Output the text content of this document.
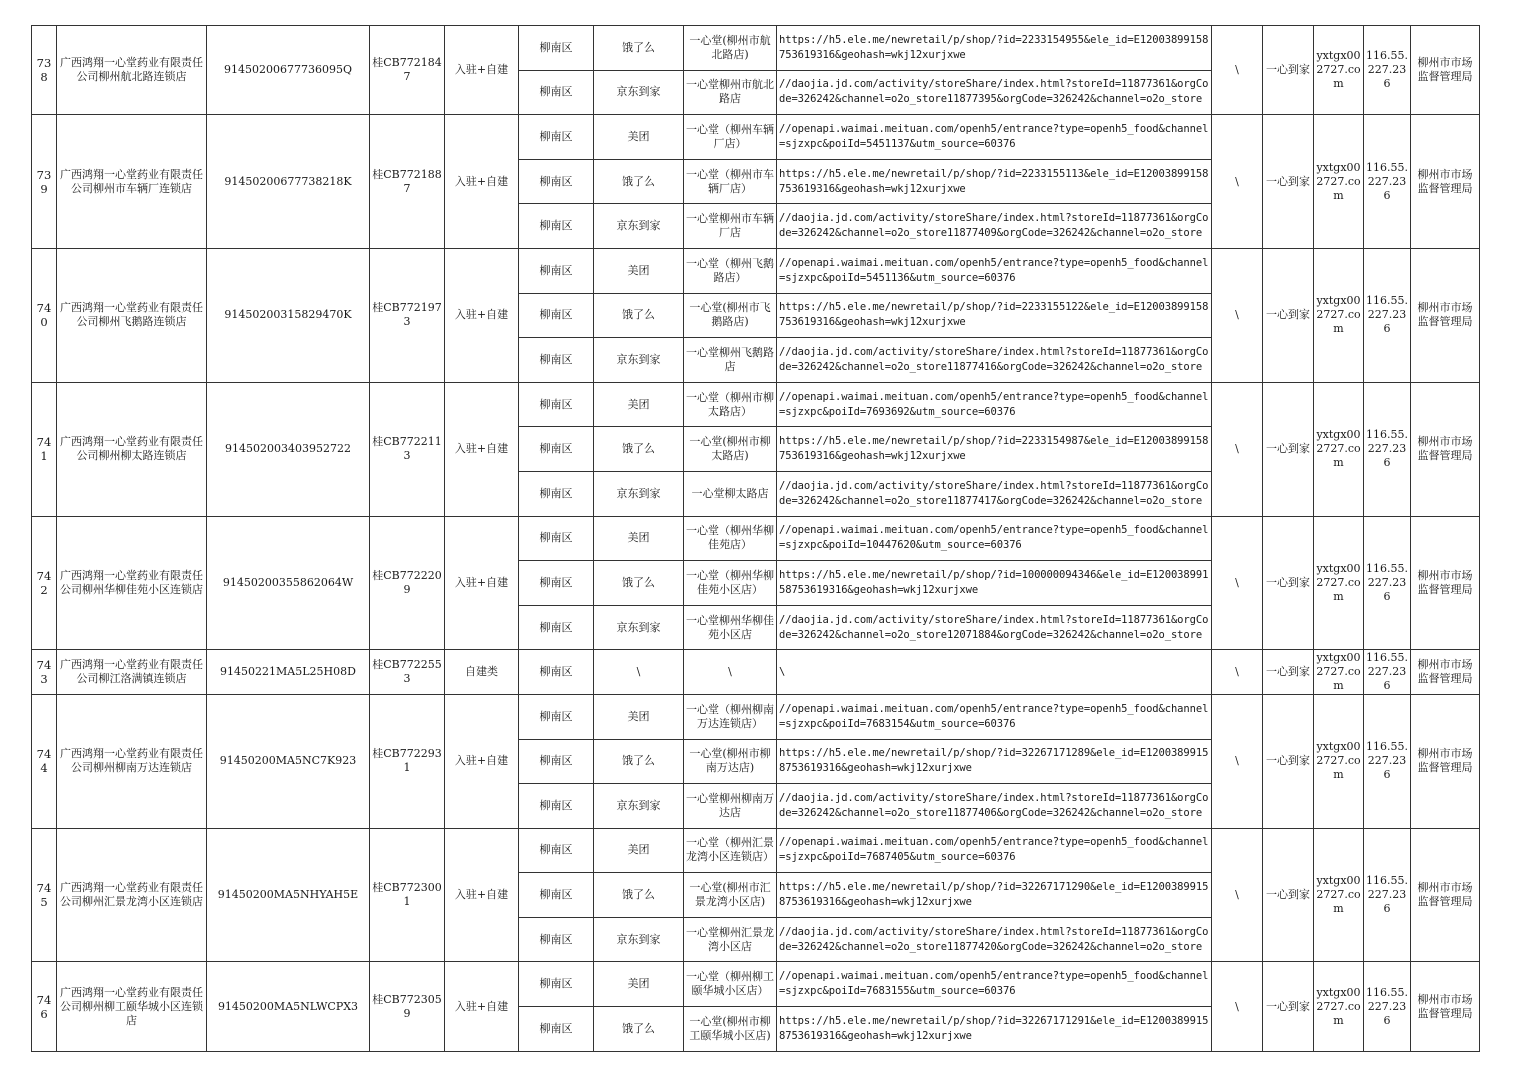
738	广西鸿翔一心堂药业有限责任公司柳州航北路连锁店	91450200677736095Q	桂CB7721847	入驻+自建	柳南区	饿了么	一心堂(柳州市航北路店)	https://h5.ele.me/newretail/p/shop/?id=2233154955&ele_id=E12003899158753619316&geohash=wkj12xurjxwe	\	一心到家	yxtgx002727.com	116.55.227.236	柳州市市场监督管理局
					柳南区	京东到家	一心堂柳州市航北路店	//daojia.jd.com/activity/storeShare/index.html?storeId=11877361&orgCode=326242&channel=o2o_store11877395&orgCode=326242&channel=o2o_store					
739	广西鸿翔一心堂药业有限责任公司柳州市车辆厂连锁店	91450200677738218K	桂CB7721887	入驻+自建	柳南区	美团	一心堂（柳州车辆厂店）	//openapi.waimai.meituan.com/openh5/entrance?type=openh5_food&channel=sjzxpc&poiId=5451137&utm_source=60376	\	一心到家	yxtgx002727.com	116.55.227.236	柳州市市场监督管理局
					柳南区	饿了么	一心堂（柳州市车辆厂店）	https://h5.ele.me/newretail/p/shop/?id=2233155113&ele_id=E12003899158753619316&geohash=wkj12xurjxwe					
					柳南区	京东到家	一心堂柳州市车辆厂店	//daojia.jd.com/activity/storeShare/index.html?storeId=11877361&orgCode=326242&channel=o2o_store11877409&orgCode=326242&channel=o2o_store					
740	广西鸿翔一心堂药业有限责任公司柳州飞鹅路连锁店	91450200315829470K	桂CB7721973	入驻+自建	柳南区	美团	一心堂（柳州飞鹅路店）	//openapi.waimai.meituan.com/openh5/entrance?type=openh5_food&channel=sjzxpc&poiId=5451136&utm_source=60376	\	一心到家	yxtgx002727.com	116.55.227.236	柳州市市场监督管理局
					柳南区	饿了么	一心堂(柳州市飞鹅路店)	https://h5.ele.me/newretail/p/shop/?id=2233155122&ele_id=E12003899158753619316&geohash=wkj12xurjxwe					
					柳南区	京东到家	一心堂柳州飞鹅路店	//daojia.jd.com/activity/storeShare/index.html?storeId=11877361&orgCode=326242&channel=o2o_store11877416&orgCode=326242&channel=o2o_store					
741	广西鸿翔一心堂药业有限责任公司柳州柳太路连锁店	914502003403952722	桂CB7722113	入驻+自建	柳南区	美团	一心堂（柳州市柳太路店）	//openapi.waimai.meituan.com/openh5/entrance?type=openh5_food&channel=sjzxpc&poiId=7693692&utm_source=60376	\	一心到家	yxtgx002727.com	116.55.227.236	柳州市市场监督管理局
					柳南区	饿了么	一心堂(柳州市柳太路店)	https://h5.ele.me/newretail/p/shop/?id=2233154987&ele_id=E12003899158753619316&geohash=wkj12xurjxwe					
					柳南区	京东到家	一心堂柳太路店	//daojia.jd.com/activity/storeShare/index.html?storeId=11877361&orgCode=326242&channel=o2o_store11877417&orgCode=326242&channel=o2o_store					
742	广西鸿翔一心堂药业有限责任公司柳州华柳佳苑小区连锁店	91450200355862064W	桂CB7722209	入驻+自建	柳南区	美团	一心堂（柳州华柳佳苑店）	//openapi.waimai.meituan.com/openh5/entrance?type=openh5_food&channel=sjzxpc&poiId=10447620&utm_source=60376	\	一心到家	yxtgx002727.com	116.55.227.236	柳州市市场监督管理局
					柳南区	饿了么	一心堂（柳州华柳佳苑小区店）	https://h5.ele.me/newretail/p/shop/?id=100000094346&ele_id=E12003899158753619316&geohash=wkj12xurjxwe					
					柳南区	京东到家	一心堂柳州华柳佳苑小区店	//daojia.jd.com/activity/storeShare/index.html?storeId=11877361&orgCode=326242&channel=o2o_store12071884&orgCode=326242&channel=o2o_store					
743	广西鸿翔一心堂药业有限责任公司柳江洛满镇连锁店	91450221MA5L25H08D	桂CB7722553	自建类	柳南区	\	\	\	\	一心到家	yxtgx002727.com	116.55.227.236	柳州市市场监督管理局
744	广西鸿翔一心堂药业有限责任公司柳州柳南万达连锁店	91450200MA5NC7K923	桂CB7722931	入驻+自建	柳南区	美团	一心堂（柳州柳南万达连锁店）	//openapi.waimai.meituan.com/openh5/entrance?type=openh5_food&channel=sjzxpc&poiId=7683154&utm_source=60376	\	一心到家	yxtgx002727.com	116.55.227.236	柳州市市场监督管理局
					柳南区	饿了么	一心堂(柳州市柳南万达店)	https://h5.ele.me/newretail/p/shop/?id=32267171289&ele_id=E12003899158753619316&geohash=wkj12xurjxwe					
					柳南区	京东到家	一心堂柳州柳南万达店	//daojia.jd.com/activity/storeShare/index.html?storeId=11877361&orgCode=326242&channel=o2o_store11877406&orgCode=326242&channel=o2o_store					
745	广西鸿翔一心堂药业有限责任公司柳州汇景龙湾小区连锁店	91450200MA5NHYAH5E	桂CB7723001	入驻+自建	柳南区	美团	一心堂（柳州汇景龙湾小区连锁店）	//openapi.waimai.meituan.com/openh5/entrance?type=openh5_food&channel=sjzxpc&poiId=7687405&utm_source=60376	\	一心到家	yxtgx002727.com	116.55.227.236	柳州市市场监督管理局
					柳南区	饿了么	一心堂(柳州市汇景龙湾小区店)	https://h5.ele.me/newretail/p/shop/?id=32267171290&ele_id=E12003899158753619316&geohash=wkj12xurjxwe					
					柳南区	京东到家	一心堂柳州汇景龙湾小区店	//daojia.jd.com/activity/storeShare/index.html?storeId=11877361&orgCode=326242&channel=o2o_store11877420&orgCode=326242&channel=o2o_store					
746	广西鸿翔一心堂药业有限责任公司柳州柳工颐华城小区连锁店	91450200MA5NLWCPX3	桂CB7723059	入驻+自建	柳南区	美团	一心堂（柳州柳工颐华城小区店）	//openapi.waimai.meituan.com/openh5/entrance?type=openh5_food&channel=sjzxpc&poiId=7683155&utm_source=60376	\	一心到家	yxtgx002727.com	116.55.227.236	柳州市市场监督管理局
					柳南区	饿了么	一心堂(柳州市柳工颐华城小区店)	https://h5.ele.me/newretail/p/shop/?id=32267171291&ele_id=E12003899158753619316&geohash=wkj12xurjxwe					
